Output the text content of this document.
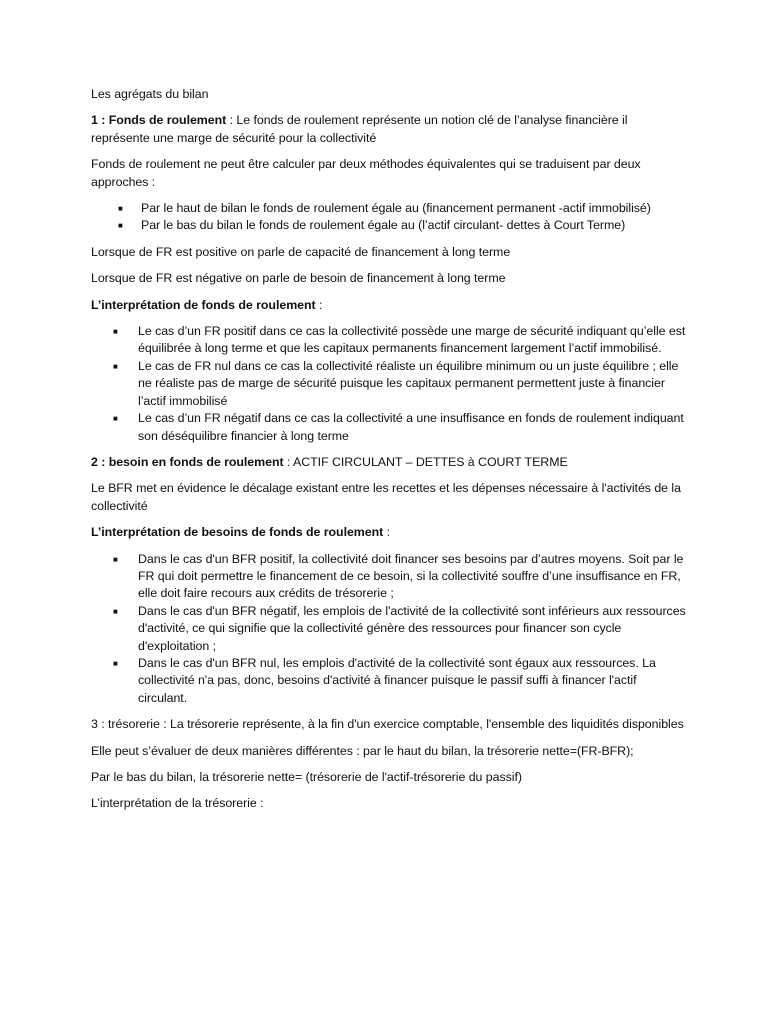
Les agrégats du bilan

1 : Fonds de roulement : Le fonds de roulement représente un notion clé de l’analyse financière il représente une marge de sécurité pour la collectivité

Fonds de roulement ne peut être calculer par deux méthodes équivalentes qui se traduisent par deux approches :

■ Par le haut de bilan le fonds de roulement égale au (financement permanent -actif immobilisé)
■ Par le bas du bilan le fonds de roulement égale au (l’actif circulant- dettes à Court Terme)

Lorsque de FR est positive on parle de capacité de financement à long terme

Lorsque de FR est négative on parle de besoin de financement à long terme

L’interprétation de fonds de roulement :

■ Le cas d’un FR positif dans ce cas la collectivité possède une marge de sécurité indiquant qu’elle est équilibrée à long terme et que les capitaux permanents financement largement l’actif immobilisé.
■ Le cas de FR nul dans ce cas la collectivité réaliste un équilibre minimum ou un juste équilibre ; elle ne réaliste pas de marge de sécurité puisque les capitaux permanent permettent juste à financier l’actif immobilisé
■ Le cas d’un FR négatif dans ce cas la collectivité a une insuffisance en fonds de roulement indiquant son déséquilibre financier à long terme

2 : besoin en fonds de roulement : ACTIF CIRCULANT – DETTES à COURT TERME

Le BFR met en évidence le décalage existant entre les recettes et les dépenses nécessaire à l'activités de la collectivité

L’interprétation de besoins de fonds de roulement :

■ Dans le cas d'un BFR positif, la collectivité doit financer ses besoins par d’autres moyens. Soit par le FR qui doit permettre le financement de ce besoin, si la collectivité souffre d’une insuffisance en FR, elle doit faire recours aux crédits de trésorerie ;
■ Dans le cas d'un BFR négatif, les emplois de l'activité de la collectivité sont inférieurs aux ressources d'activité, ce qui signifie que la collectivité génère des ressources pour financer son cycle d'exploitation ;
■ Dans le cas d'un BFR nul, les emplois d'activité de la collectivité sont égaux aux ressources. La collectivité n'a pas, donc, besoins d'activité à financer puisque le passif suffi à financer l'actif circulant.

3 : trésorerie : La trésorerie représente, à la fin d'un exercice comptable, l'ensemble des liquidités disponibles

Elle peut s’évaluer de deux manières différentes : par le haut du bilan, la trésorerie nette=(FR-BFR);

Par le bas du bilan, la trésorerie nette= (trésorerie de l'actif-trésorerie du passif)

L’interprétation de la trésorerie :
